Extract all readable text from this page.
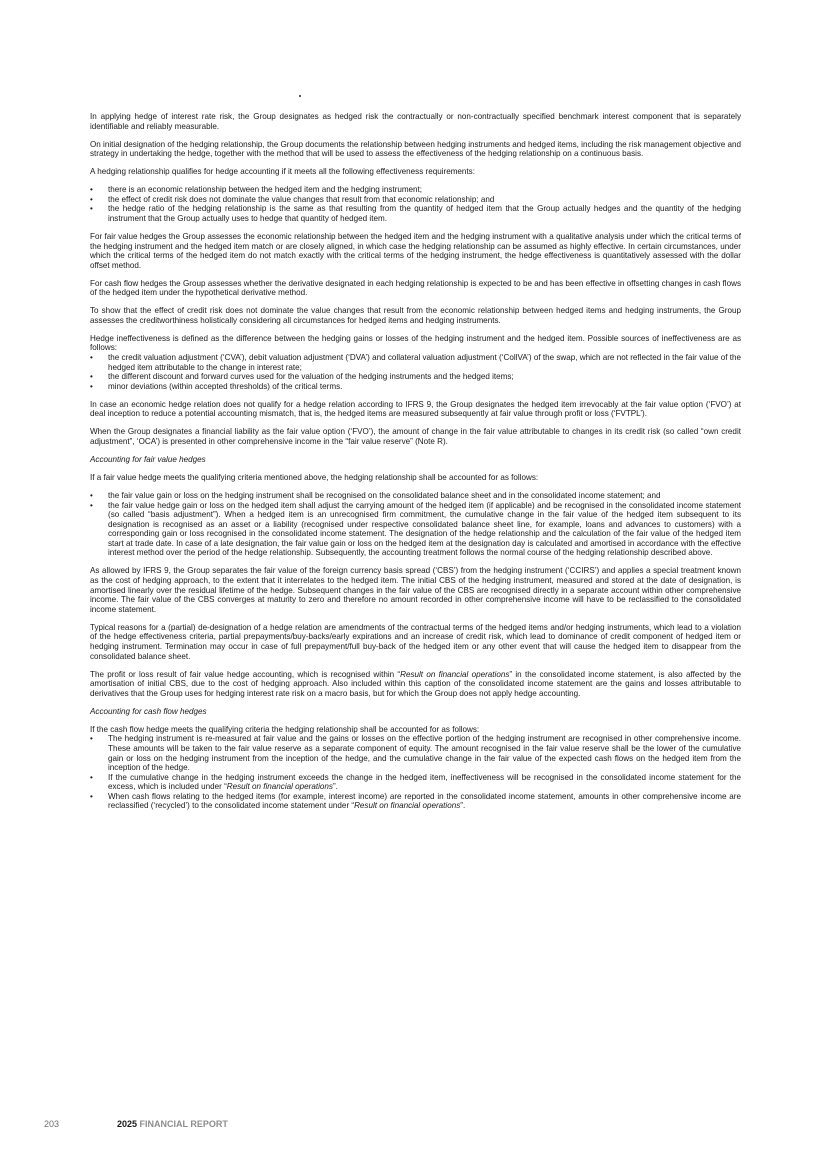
In applying hedge of interest rate risk, the Group designates as hedged risk the contractually or non-contractually specified benchmark interest component that is separately identifiable and reliably measurable.

On initial designation of the hedging relationship, the Group documents the relationship between hedging instruments and hedged items, including the risk management objective and strategy in undertaking the hedge, together with the method that will be used to assess the effectiveness of the hedging relationship on a continuous basis.

A hedging relationship qualifies for hedge accounting if it meets all the following effectiveness requirements:

• there is an economic relationship between the hedged item and the hedging instrument;
• the effect of credit risk does not dominate the value changes that result from that economic relationship; and
• the hedge ratio of the hedging relationship is the same as that resulting from the quantity of hedged item that the Group actually hedges and the quantity of the hedging instrument that the Group actually uses to hedge that quantity of hedged item.

For fair value hedges the Group assesses the economic relationship between the hedged item and the hedging instrument with a qualitative analysis under which the critical terms of the hedging instrument and the hedged item match or are closely aligned, in which case the hedging relationship can be assumed as highly effective. In certain circumstances, under which the critical terms of the hedged item do not match exactly with the critical terms of the hedging instrument, the hedge effectiveness is quantitatively assessed with the dollar offset method.

For cash flow hedges the Group assesses whether the derivative designated in each hedging relationship is expected to be and has been effective in offsetting changes in cash flows of the hedged item under the hypothetical derivative method.

To show that the effect of credit risk does not dominate the value changes that result from the economic relationship between hedged items and hedging instruments, the Group assesses the creditworthiness holistically considering all circumstances for hedged items and hedging instruments.

Hedge ineffectiveness is defined as the difference between the hedging gains or losses of the hedging instrument and the hedged item. Possible sources of ineffectiveness are as follows:

• the credit valuation adjustment (‘CVA’), debit valuation adjustment (‘DVA’) and collateral valuation adjustment (‘CollVA’) of the swap, which are not reflected in the fair value of the hedged item attributable to the change in interest rate;
• the different discount and forward curves used for the valuation of the hedging instruments and the hedged items;
• minor deviations (within accepted thresholds) of the critical terms.

In case an economic hedge relation does not qualify for a hedge relation according to IFRS 9, the Group designates the hedged item irrevocably at the fair value option (‘FVO’) at deal inception to reduce a potential accounting mismatch, that is, the hedged items are measured subsequently at fair value through profit or loss (‘FVTPL’).

When the Group designates a financial liability as the fair value option (‘FVO’), the amount of change in the fair value attributable to changes in its credit risk (so called “own credit adjustment”, ‘OCA’) is presented in other comprehensive income in the “fair value reserve” (Note R).

Accounting for fair value hedges

If a fair value hedge meets the qualifying criteria mentioned above, the hedging relationship shall be accounted for as follows:

• the fair value gain or loss on the hedging instrument shall be recognised on the consolidated balance sheet and in the consolidated income statement; and
• the fair value hedge gain or loss on the hedged item shall adjust the carrying amount of the hedged item (if applicable) and be recognised in the consolidated income statement (so called “basis adjustment”). When a hedged item is an unrecognised firm commitment, the cumulative change in the fair value of the hedged item subsequent to its designation is recognised as an asset or a liability (recognised under respective consolidated balance sheet line, for example, loans and advances to customers) with a corresponding gain or loss recognised in the consolidated income statement. The designation of the hedge relationship and the calculation of the fair value of the hedged item start at trade date. In case of a late designation, the fair value gain or loss on the hedged item at the designation day is calculated and amortised in accordance with the effective interest method over the period of the hedge relationship. Subsequently, the accounting treatment follows the normal course of the hedging relationship described above.

As allowed by IFRS 9, the Group separates the fair value of the foreign currency basis spread (‘CBS’) from the hedging instrument (‘CCIRS’) and applies a special treatment known as the cost of hedging approach, to the extent that it interrelates to the hedged item. The initial CBS of the hedging instrument, measured and stored at the date of designation, is amortised linearly over the residual lifetime of the hedge. Subsequent changes in the fair value of the CBS are recognised directly in a separate account within other comprehensive income. The fair value of the CBS converges at maturity to zero and therefore no amount recorded in other comprehensive income will have to be reclassified to the consolidated income statement.

Typical reasons for a (partial) de-designation of a hedge relation are amendments of the contractual terms of the hedged items and/or hedging instruments, which lead to a violation of the hedge effectiveness criteria, partial prepayments/buy-backs/early expirations and an increase of credit risk, which lead to dominance of credit component of hedged item or hedging instrument. Termination may occur in case of full prepayment/full buy-back of the hedged item or any other event that will cause the hedged item to disappear from the consolidated balance sheet.

The profit or loss result of fair value hedge accounting, which is recognised within “Result on financial operations” in the consolidated income statement, is also affected by the amortisation of initial CBS, due to the cost of hedging approach. Also included within this caption of the consolidated income statement are the gains and losses attributable to derivatives that the Group uses for hedging interest rate risk on a macro basis, but for which the Group does not apply hedge accounting.

Accounting for cash flow hedges

If the cash flow hedge meets the qualifying criteria the hedging relationship shall be accounted for as follows:

• The hedging instrument is re-measured at fair value and the gains or losses on the effective portion of the hedging instrument are recognised in other comprehensive income. These amounts will be taken to the fair value reserve as a separate component of equity. The amount recognised in the fair value reserve shall be the lower of the cumulative gain or loss on the hedging instrument from the inception of the hedge, and the cumulative change in the fair value of the expected cash flows on the hedged item from the inception of the hedge.
• If the cumulative change in the hedging instrument exceeds the change in the hedged item, ineffectiveness will be recognised in the consolidated income statement for the excess, which is included under “Result on financial operations”.
• When cash flows relating to the hedged items (for example, interest income) are reported in the consolidated income statement, amounts in other comprehensive income are reclassified (‘recycled’) to the consolidated income statement under “Result on financial operations”.
203	2025 FINANCIAL REPORT
